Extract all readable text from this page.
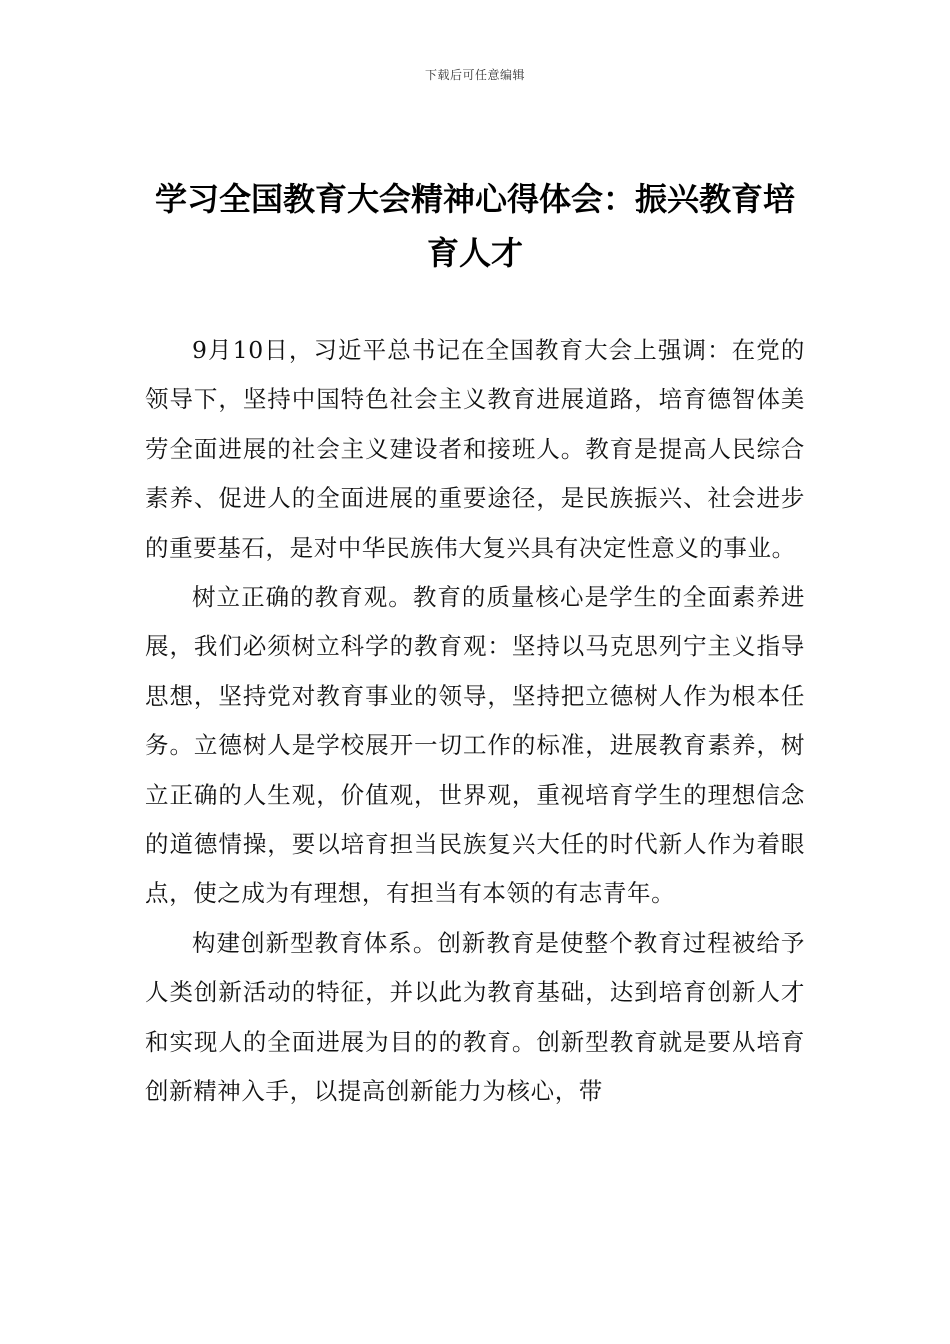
下载后可任意编辑
学习全国教育大会精神心得体会：振兴教育培育人才

9月10日，习近平总书记在全国教育大会上强调：在党的领导下，坚持中国特色社会主义教育进展道路，培育德智体美劳全面进展的社会主义建设者和接班人。教育是提高人民综合素养、促进人的全面进展的重要途径，是民族振兴、社会进步的重要基石，是对中华民族伟大复兴具有决定性意义的事业。

树立正确的教育观。教育的质量核心是学生的全面素养进展，我们必须树立科学的教育观：坚持以马克思列宁主义指导思想，坚持党对教育事业的领导，坚持把立德树人作为根本任务。立德树人是学校展开一切工作的标准，进展教育素养，树立正确的人生观，价值观，世界观，重视培育学生的理想信念的道德情操，要以培育担当民族复兴大任的时代新人作为着眼点，使之成为有理想，有担当有本领的有志青年。

构建创新型教育体系。创新教育是使整个教育过程被给予人类创新活动的特征，并以此为教育基础，达到培育创新人才和实现人的全面进展为目的的教育。创新型教育就是要从培育创新精神入手，以提高创新能力为核心，带
